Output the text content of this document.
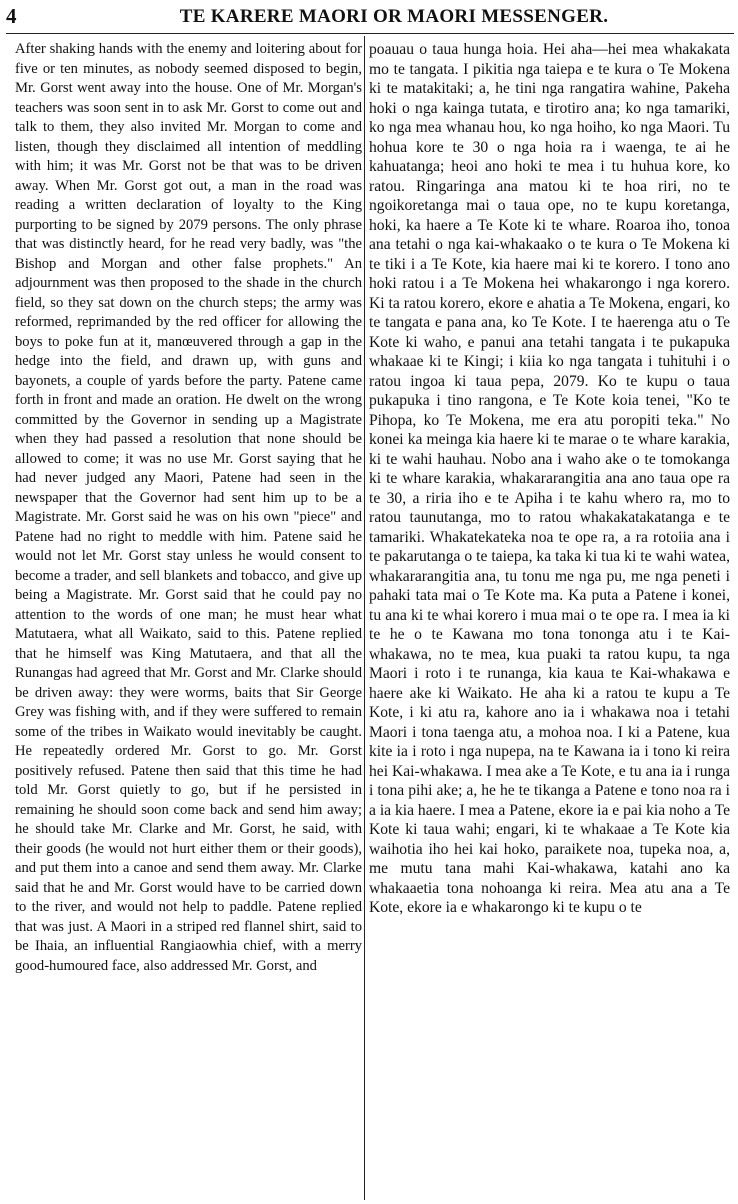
4	TE KARERE MAORI OR MAORI MESSENGER.

After shaking hands with the enemy and loitering about for five or ten minutes, as nobody seemed disposed to begin, Mr. Gorst went away into the house. One of Mr. Morgan's teachers was soon sent in to ask Mr. Gorst to come out and talk to them, they also invited Mr. Morgan to come and listen, though they disclaimed all intention of meddling with him; it was Mr. Gorst not be that was to be driven away. When Mr. Gorst got out, a man in the road was reading a written declaration of loyalty to the King purporting to be signed by 2079 persons. The only phrase that was distinctly heard, for he read very badly, was "the Bishop and Morgan and other false prophets." An adjournment was then proposed to the shade in the church field, so they sat down on the church steps; the army was reformed, reprimanded by the red officer for allowing the boys to poke fun at it, manœuvered through a gap in the hedge into the field, and drawn up, with guns and bayonets, a couple of yards before the party. Patene came forth in front and made an oration. He dwelt on the wrong committed by the Governor in sending up a Magistrate when they had passed a resolution that none should be allowed to come; it was no use Mr. Gorst saying that he had never judged any Maori, Patene had seen in the newspaper that the Governor had sent him up to be a Magistrate. Mr. Gorst said he was on his own "piece" and Patene had no right to meddle with him. Patene said he would not let Mr. Gorst stay unless he would consent to become a trader, and sell blankets and tobacco, and give up being a Magistrate. Mr. Gorst said that he could pay no attention to the words of one man; he must hear what Matutaera, what all Waikato, said to this. Patene replied that he himself was King Matutaera, and that all the Runangas had agreed that Mr. Gorst and Mr. Clarke should be driven away: they were worms, baits that Sir George Grey was fishing with, and if they were suffered to remain some of the tribes in Waikato would inevitably be caught. He repeatedly ordered Mr. Gorst to go. Mr. Gorst positively refused. Patene then said that this time he had told Mr. Gorst quietly to go, but if he persisted in remaining he should soon come back and send him away; he should take Mr. Clarke and Mr. Gorst, he said, with their goods (he would not hurt either them or their goods), and put them into a canoe and send them away. Mr. Clarke said that he and Mr. Gorst would have to be carried down to the river, and would not help to paddle. Patene replied that was just. A Maori in a striped red flannel shirt, said to be Ihaia, an influential Rangiaowhia chief, with a merry good-humoured face, also addressed Mr. Gorst, and

poauau o taua hunga hoia. Hei aha—hei mea whakakata mo te tangata. I pikitia nga taiepa e te kura o Te Mokena ki te matakitaki; a, he tini nga rangatira wahine, Pakeha hoki o nga kainga tutata, e tirotiro ana; ko nga tamariki, ko nga mea whanau hou, ko nga hoiho, ko nga Maori. Tu hohua kore te 30 o nga hoia ra i waenga, te ai he kahuatanga; heoi ano hoki te mea i tu huhua kore, ko ratou. Ringaringa ana matou ki te hoa riri, no te ngoikoretanga mai o taua ope, no te kupu koretanga, hoki, ka haere a Te Kote ki te whare. Roaroa iho, tonoa ana tetahi o nga kai-whakaako o te kura o Te Mokena ki te tiki i a Te Kote, kia haere mai ki te korero. I tono ano hoki ratou i a Te Mokena hei whakarongo i nga korero. Ki ta ratou korero, ekore e ahatia a Te Mokena, engari, ko te tangata e pana ana, ko Te Kote. I te haerenga atu o Te Kote ki waho, e panui ana tetahi tangata i te pukapuka whakaae ki te Kingi; i kiia ko nga tangata i tuhituhi i o ratou ingoa ki taua pepa, 2079. Ko te kupu o taua pukapuka i tino rangona, e Te Kote koia tenei, "Ko te Pihopa, ko Te Mokena, me era atu poropiti teka." No konei ka meinga kia haere ki te marae o te whare karakia, ki te wahi hauhau. Nobo ana i waho ake o te tomokanga ki te whare karakia, whakararangitia ana ano taua ope ra te 30, a riria iho e te Apiha i te kahu whero ra, mo to ratou taunutanga, mo to ratou whakakatakatanga e te tamariki. Whakatekateka noa te ope ra, a ra rotoiia ana i te pakarutanga o te taiepa, ka taka ki tua ki te wahi watea, whakararangitia ana, tu tonu me nga pu, me nga peneti i pahaki tata mai o Te Kote ma. Ka puta a Patene i konei, tu ana ki te whai korero i mua mai o te ope ra. I mea ia ki te he o te Kawana mo tona tononga atu i te Kai-whakawa, no te mea, kua puaki ta ratou kupu, ta nga Maori i roto i te runanga, kia kaua te Kai-whakawa e haere ake ki Waikato. He aha ki a ratou te kupu a Te Kote, i ki atu ra, kahore ano ia i whakawa noa i tetahi Maori i tona taenga atu, a mohoa noa. I ki a Patene, kua kite ia i roto i nga nupepa, na te Kawana ia i tono ki reira hei Kai-whakawa. I mea ake a Te Kote, e tu ana ia i runga i tona pihi ake; a, he he te tikanga a Patene e tono noa ra i a ia kia haere. I mea a Patene, ekore ia e pai kia noho a Te Kote ki taua wahi; engari, ki te whakaae a Te Kote kia waihotia iho hei kai hoko, paraikete noa, tupeka noa, a, me mutu tana mahi Kai-whakawa, katahi ano ka whakaaetia tona nohoanga ki reira. Mea atu ana a Te Kote, ekore ia e whakarongo ki te kupu o te
